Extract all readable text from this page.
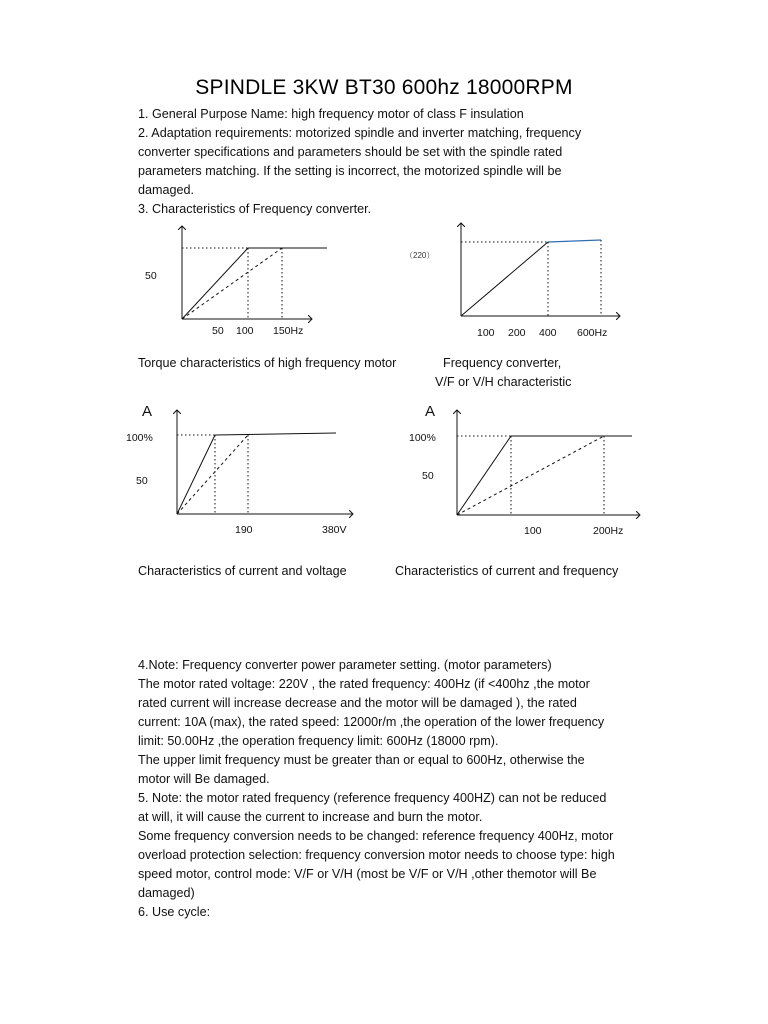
SPINDLE 3KW BT30 600hz 18000RPM

1. General Purpose Name: high frequency motor of class F insulation

2. Adaptation requirements: motorized spindle and inverter matching, frequency converter specifications and parameters should be set with the spindle rated parameters matching. If the setting is incorrect, the motorized spindle will be damaged.

3. Characteristics of Frequency converter.

50
50 100 150Hz
（220）
100 200 400 600Hz
Torque characteristics of high frequency motor	Frequency converter,
V/F or V/H characteristic
A
100%
50
190	380V
A
100%
50
100	200Hz
Characteristics of current and voltage	Characteristics of current and frequency

4.Note: Frequency converter power parameter setting. (motor parameters)

The motor rated voltage: 220V , the rated frequency: 400Hz (if <400hz ,the motor rated current will increase decrease and the motor will be damaged ), the rated current: 10A (max), the rated speed: 12000r/m ,the operation of the lower frequency limit: 50.00Hz ,the operation frequency limit: 600Hz (18000 rpm).

The upper limit frequency must be greater than or equal to 600Hz, otherwise the motor will Be damaged.

5. Note: the motor rated frequency (reference frequency 400HZ) can not be reduced at will, it will cause the current to increase and burn the motor.

Some frequency conversion needs to be changed: reference frequency 400Hz, motor overload protection selection: frequency conversion motor needs to choose type: high speed motor, control mode: V/F or V/H (most be V/F or V/H ,other themotor will Be damaged)

6. Use cycle:
